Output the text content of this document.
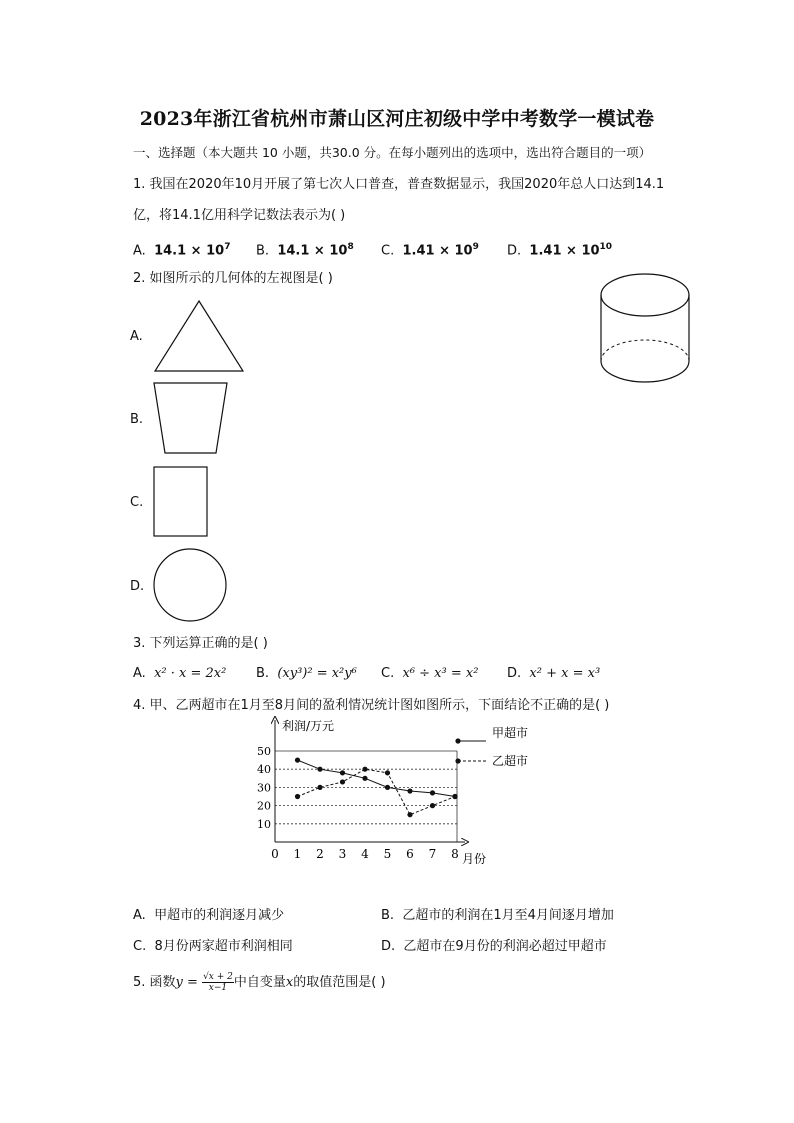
2023年浙江省杭州市萧山区河庄初级中学中考数学一模试卷
一、选择题（本大题共 10 小题，共30.0 分。在每小题列出的选项中，选出符合题目的一项）
1. 我国在2020年10月开展了第七次人口普查，普查数据显示，我国2020年总人口达到14.1
亿，将14.1亿用科学记数法表示为( )
A. $14.1 \times 10^7$ B. $14.1 \times 10^8$ C. $1.41 \times 10^9$ D. $1.41 \times 10^{10}$
2. 如图所示的几何体的左视图是( )
A.
B.
C.
D.
3. 下列运算正确的是( )
A. x² · x = 2x² B. (xy³)² = x²y⁶ C. x⁶ ÷ x³ = x² D. x² + x = x³
4. 甲、乙两超市在1月至8月间的盈利情况统计图如图所示，下面结论不正确的是( )
10
20
30
40
50
0 1 2 3 4 5 6 7 8
甲超市
乙超市
利润/万元
月份
A. 甲超市的利润逐月减少	B. 乙超市的利润在1月至4月间逐月增加
C. 8月份两家超市利润相同	D. 乙超市在9月份的利润必超过甲超市
5. 函数$y = \frac{√x + 2}{x-1}$ 中自变量x的取值范围是( )
